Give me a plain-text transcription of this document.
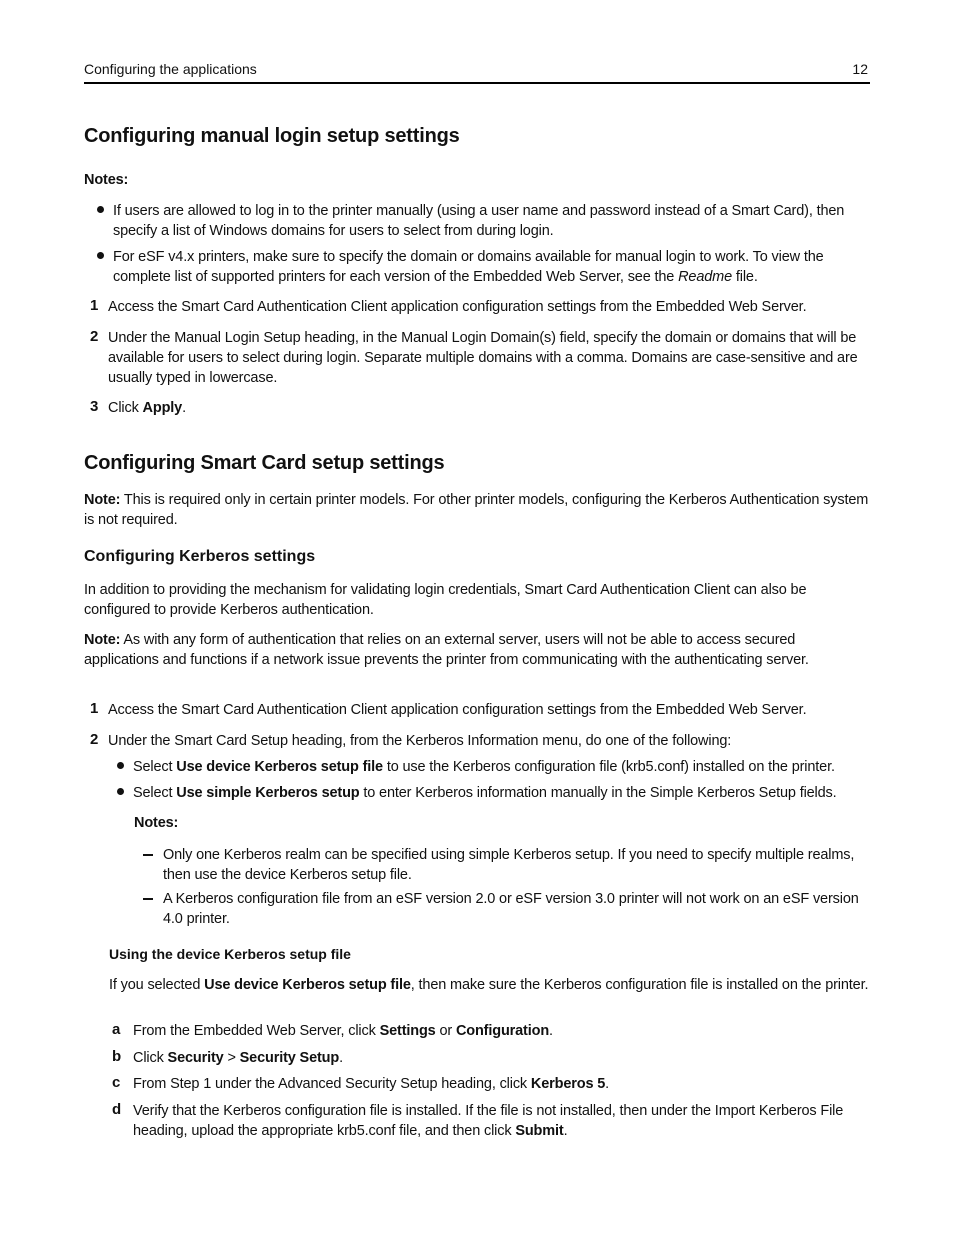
Configuring the applications	12
Configuring manual login setup settings
Notes:
If users are allowed to log in to the printer manually (using a user name and password instead of a Smart Card), then specify a list of Windows domains for users to select from during login.
For eSF v4.x printers, make sure to specify the domain or domains available for manual login to work. To view the complete list of supported printers for each version of the Embedded Web Server, see the Readme file.
1 Access the Smart Card Authentication Client application configuration settings from the Embedded Web Server.
2 Under the Manual Login Setup heading, in the Manual Login Domain(s) field, specify the domain or domains that will be available for users to select during login. Separate multiple domains with a comma. Domains are case-sensitive and are usually typed in lowercase.
3 Click Apply.
Configuring Smart Card setup settings
Note: This is required only in certain printer models. For other printer models, configuring the Kerberos Authentication system is not required.
Configuring Kerberos settings
In addition to providing the mechanism for validating login credentials, Smart Card Authentication Client can also be configured to provide Kerberos authentication.
Note: As with any form of authentication that relies on an external server, users will not be able to access secured applications and functions if a network issue prevents the printer from communicating with the authenticating server.
1 Access the Smart Card Authentication Client application configuration settings from the Embedded Web Server.
2 Under the Smart Card Setup heading, from the Kerberos Information menu, do one of the following:
Select Use device Kerberos setup file to use the Kerberos configuration file (krb5.conf) installed on the printer.
Select Use simple Kerberos setup to enter Kerberos information manually in the Simple Kerberos Setup fields.
Notes:
Only one Kerberos realm can be specified using simple Kerberos setup. If you need to specify multiple realms, then use the device Kerberos setup file.
A Kerberos configuration file from an eSF version 2.0 or eSF version 3.0 printer will not work on an eSF version 4.0 printer.
Using the device Kerberos setup file
If you selected Use device Kerberos setup file, then make sure the Kerberos configuration file is installed on the printer.
a From the Embedded Web Server, click Settings or Configuration.
b Click Security > Security Setup.
c From Step 1 under the Advanced Security Setup heading, click Kerberos 5.
d Verify that the Kerberos configuration file is installed. If the file is not installed, then under the Import Kerberos File heading, upload the appropriate krb5.conf file, and then click Submit.
